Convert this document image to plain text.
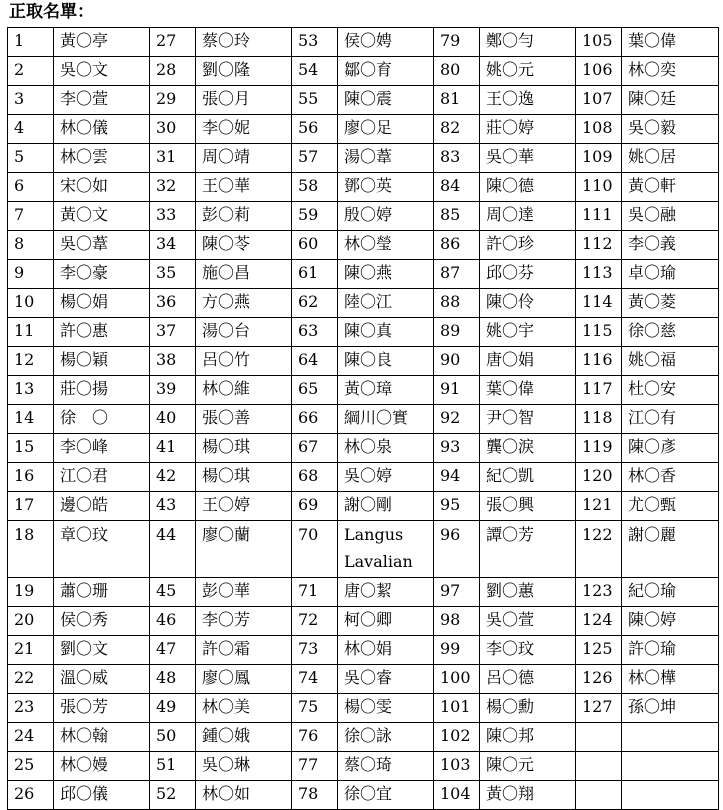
正取名單：
1	黃〇亭	27	蔡〇玲	53	侯〇娉	79	鄭〇勻	105	葉〇偉
2	吳〇文	28	劉〇隆	54	鄒〇育	80	姚〇元	106	林〇奕
3	李〇萱	29	張〇月	55	陳〇震	81	王〇逸	107	陳〇廷
4	林〇儀	30	李〇妮	56	廖〇足	82	莊〇婷	108	吳〇毅
5	林〇雲	31	周〇靖	57	湯〇葦	83	吳〇華	109	姚〇居
6	宋〇如	32	王〇華	58	鄧〇英	84	陳〇德	110	黃〇軒
7	黃〇文	33	彭〇莉	59	殷〇婷	85	周〇達	111	吳〇融
8	吳〇葦	34	陳〇苓	60	林〇瑩	86	許〇珍	112	李〇義
9	李〇豪	35	施〇昌	61	陳〇燕	87	邱〇芬	113	卓〇瑜
10	楊〇娟	36	方〇燕	62	陸〇江	88	陳〇伶	114	黃〇菱
11	許〇惠	37	湯〇台	63	陳〇真	89	姚〇宇	115	徐〇慈
12	楊〇穎	38	呂〇竹	64	陳〇良	90	唐〇娟	116	姚〇福
13	莊〇揚	39	林〇維	65	黃〇璋	91	葉〇偉	117	杜〇安
14	徐　〇	40	張〇善	66	綱川〇實	92	尹〇智	118	江〇有
15	李〇峰	41	楊〇琪	67	林〇泉	93	龔〇淚	119	陳〇彥
16	江〇君	42	楊〇琪	68	吳〇婷	94	紀〇凱	120	林〇香
17	邊〇皓	43	王〇婷	69	謝〇剛	95	張〇興	121	尤〇甄
18	章〇玟	44	廖〇蘭	70	Langus Lavalian	96	譚〇芳	122	謝〇麗
19	蕭〇珊	45	彭〇華	71	唐〇絜	97	劉〇蕙	123	紀〇瑜
20	侯〇秀	46	李〇芳	72	柯〇卿	98	吳〇萱	124	陳〇婷
21	劉〇文	47	許〇霜	73	林〇娟	99	李〇玟	125	許〇瑜
22	溫〇威	48	廖〇鳳	74	吳〇睿	100	呂〇德	126	林〇樺
23	張〇芳	49	林〇美	75	楊〇雯	101	楊〇勳	127	孫〇坤
24	林〇翰	50	鍾〇娥	76	徐〇詠	102	陳〇邦		
25	林〇嫚	51	吳〇琳	77	蔡〇琦	103	陳〇元		
26	邱〇儀	52	林〇如	78	徐〇宜	104	黃〇翔		
